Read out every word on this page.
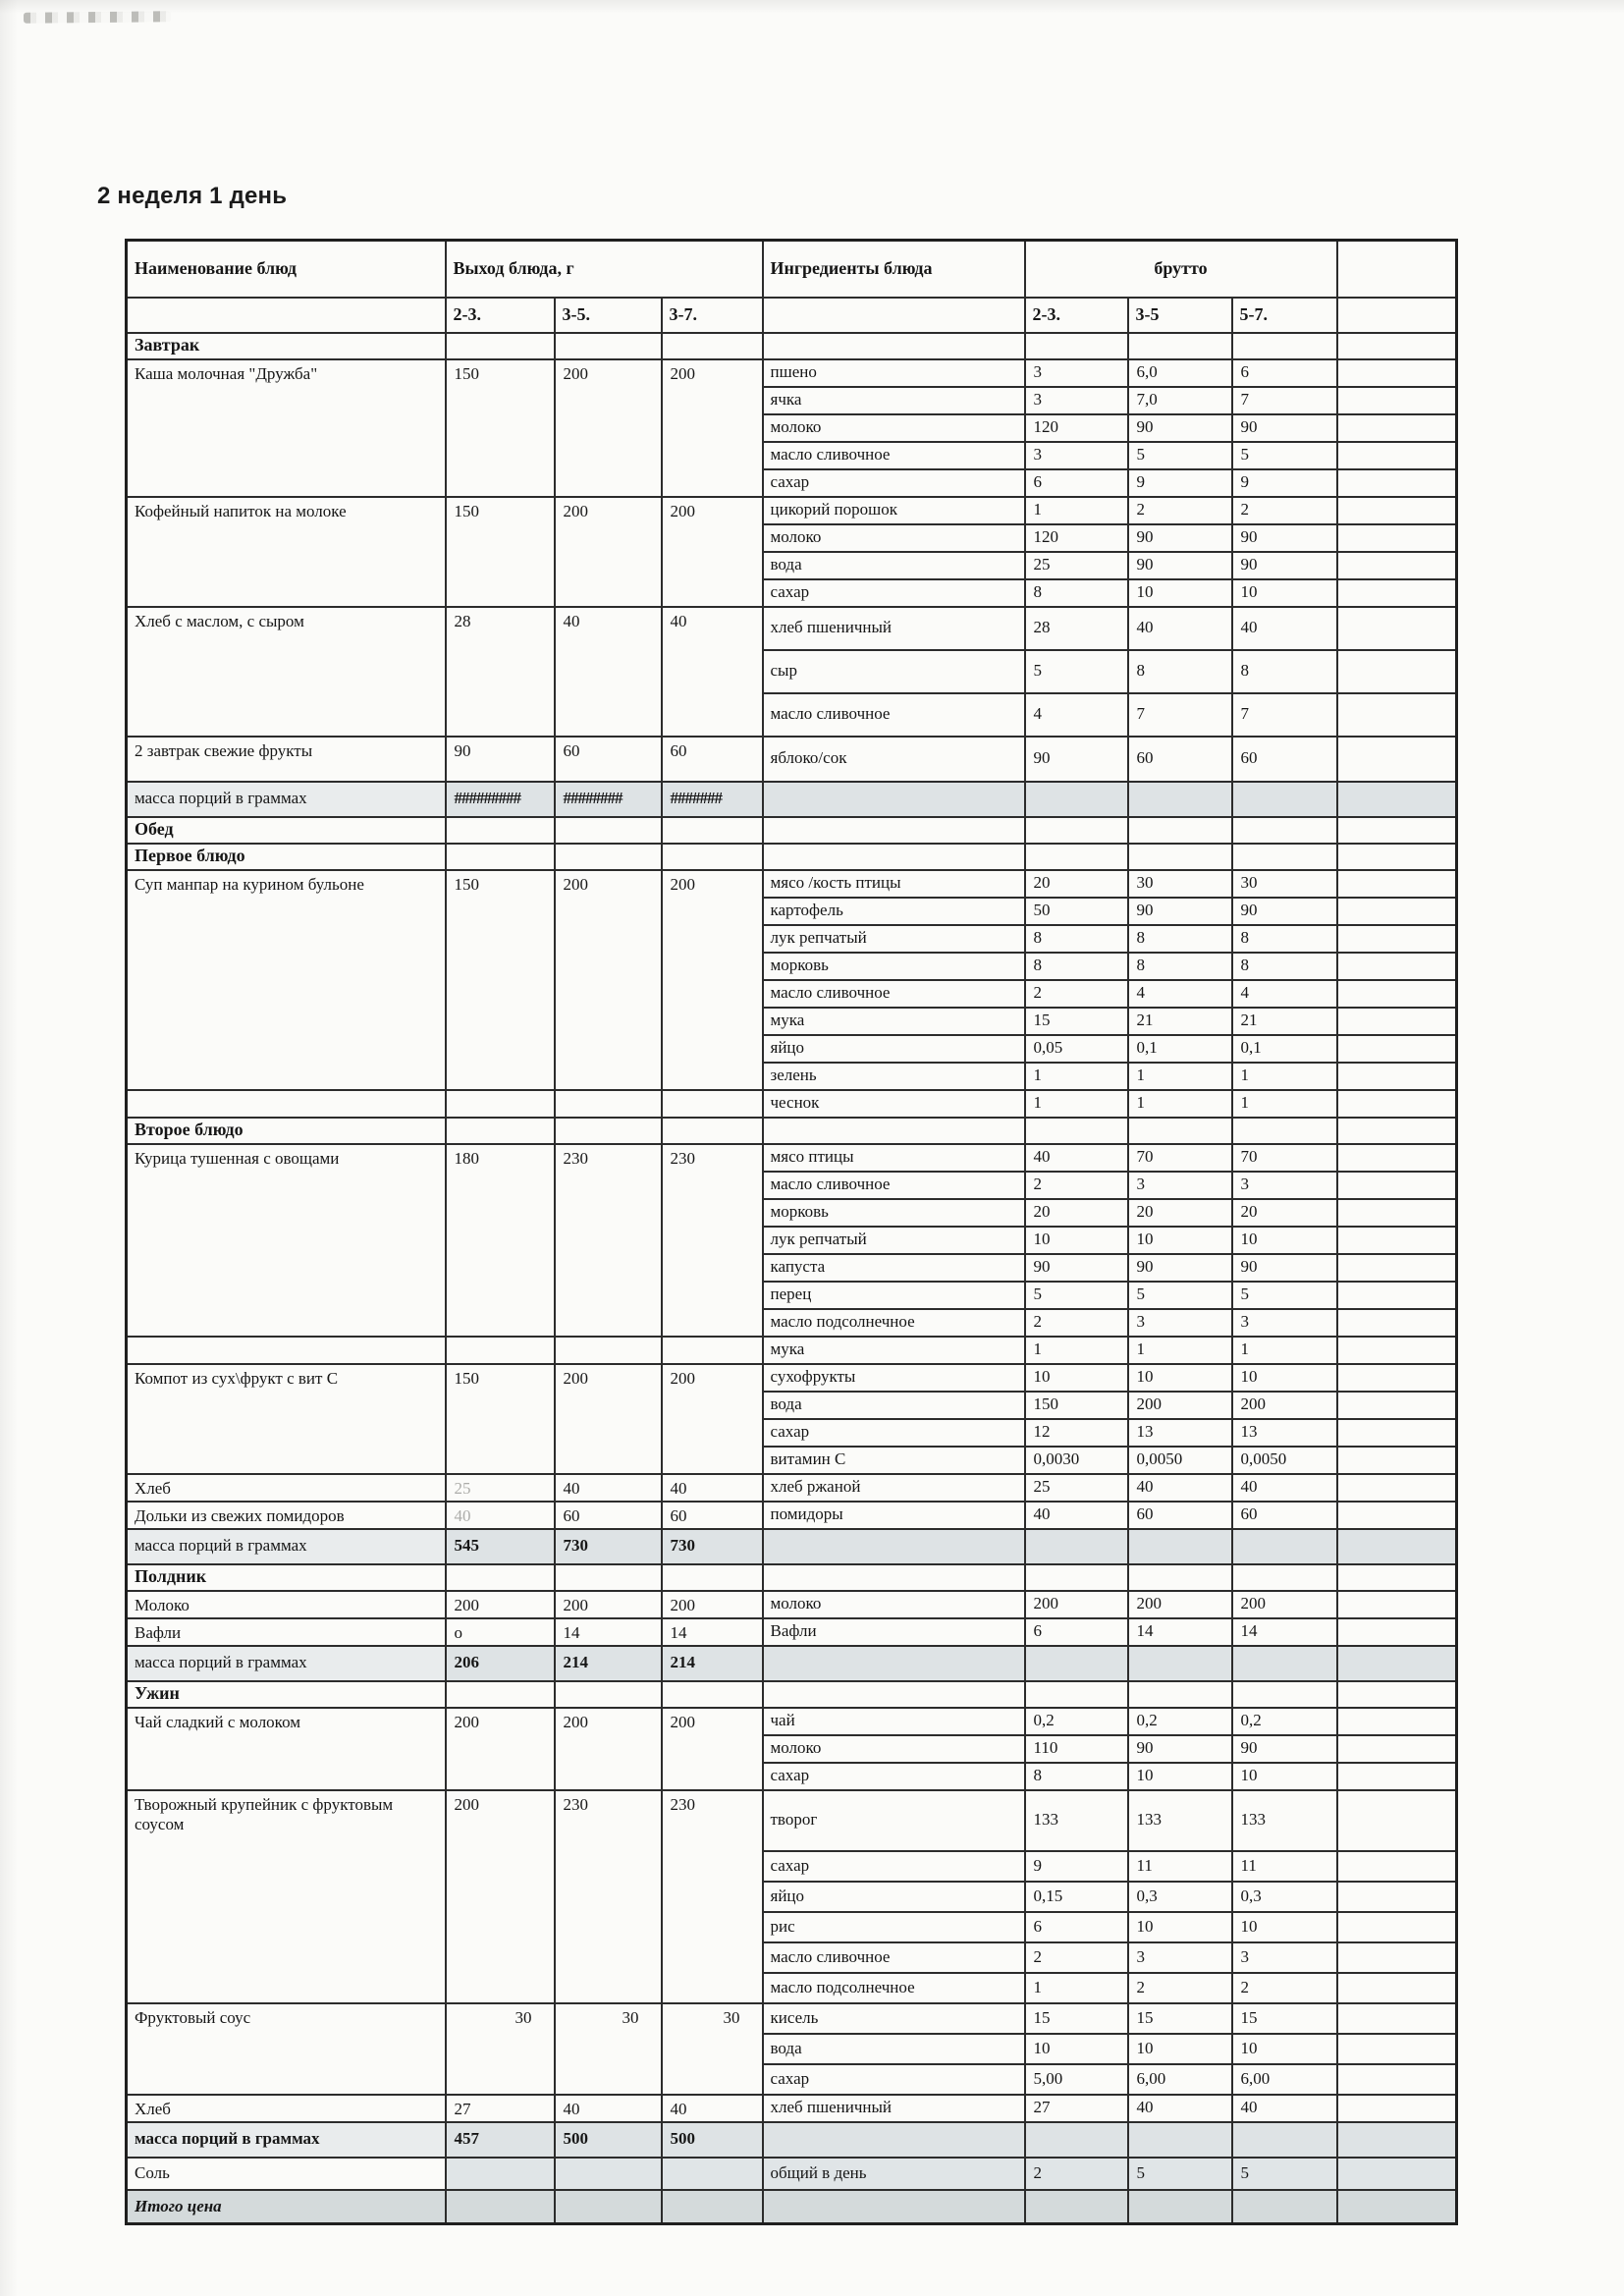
2 неделя 1 день
Наименование блюд	Выход блюда, г			Ингредиенты блюда	брутто			
	2-3.	3-5.	3-7.		2-3.	3-5	5-7.	
Завтрак								
Каша молочная "Дружба"	150	200	200	пшено	3	6,0	6	
				ячка	3	7,0	7	
				молоко	120	90	90	
				масло сливочное	3	5	5	
				сахар	6	9	9	
Кофейный напиток на молоке	150	200	200	цикорий порошок	1	2	2	
				молоко	120	90	90	
				вода	25	90	90	
				сахар	8	10	10	
Хлеб с маслом, с сыром	28	40	40	хлеб пшеничный	28	40	40	
				сыр	5	8	8	
				масло сливочное	4	7	7	
2 завтрак свежие фрукты	90	60	60	яблоко/сок	90	60	60	
масса порций в граммах	#########	########	#######					
Обед								
Первое блюдо								
Суп манпар на курином бульоне	150	200	200	мясо /кость птицы	20	30	30	
				картофель	50	90	90	
				лук репчатый	8	8	8	
				морковь	8	8	8	
				масло сливочное	2	4	4	
				мука	15	21	21	
				яйцо	0,05	0,1	0,1	
				зелень	1	1	1	
				чеснок	1	1	1	
Второе блюдо								
Курица тушенная с овощами	180	230	230	мясо птицы	40	70	70	
				масло сливочное	2	3	3	
				морковь	20	20	20	
				лук репчатый	10	10	10	
				капуста	90	90	90	
				перец	5	5	5	
				масло подсолнечное	2	3	3	
				мука	1	1	1	
Компот из сух\фрукт с вит С	150	200	200	сухофрукты	10	10	10	
				вода	150	200	200	
				сахар	12	13	13	
				витамин С	0,0030	0,0050	0,0050	
Хлеб	25	40	40	хлеб ржаной	25	40	40	
Дольки из свежих помидоров	40	60	60	помидоры	40	60	60	
масса порций в граммах	545	730	730					
Полдник								
Молоко	200	200	200	молоко	200	200	200	
Вафли	о	14	14	Вафли	6	14	14	
масса порций в граммах	206	214	214					
Ужин								
Чай сладкий с молоком	200	200	200	чай	0,2	0,2	0,2	
				молоко	110	90	90	
				сахар	8	10	10	
Творожный крупейник с фруктовым соусом	200	230	230	творог	133	133	133	
				сахар	9	11	11	
				яйцо	0,15	0,3	0,3	
				рис	6	10	10	
				масло сливочное	2	3	3	
				масло подсолнечное	1	2	2	
Фруктовый соус	30	30	30	кисель	15	15	15	
				вода	10	10	10	
				сахар	5,00	6,00	6,00	
Хлеб	27	40	40	хлеб пшеничный	27	40	40	
масса порций в граммах	457	500	500					
Соль				общий в день	2	5	5	
Итого цена								
